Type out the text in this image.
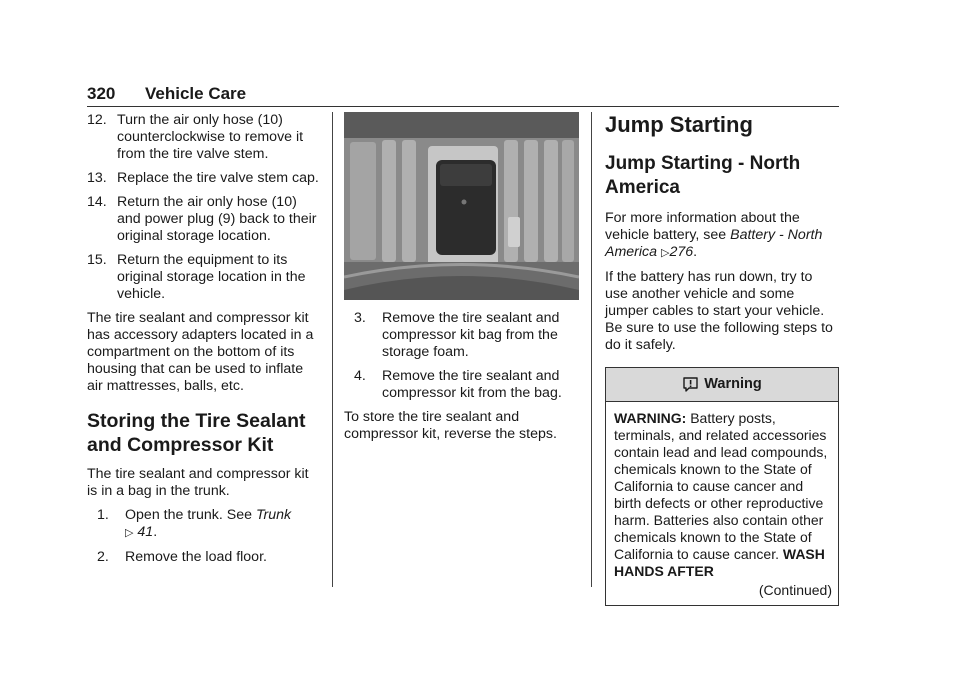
320 Vehicle Care
12. Turn the air only hose (10) counterclockwise to remove it from the tire valve stem.
13. Replace the tire valve stem cap.
14. Return the air only hose (10) and power plug (9) back to their original storage location.
15. Return the equipment to its original storage location in the vehicle.

The tire sealant and compressor kit has accessory adapters located in a compartment on the bottom of its housing that can be used to inflate air mattresses, balls, etc.

Storing the Tire Sealant and Compressor Kit

The tire sealant and compressor kit is in a bag in the trunk.

1. Open the trunk. See Trunk
▷ 41.
2. Remove the load floor.
3. Remove the tire sealant and compressor kit bag from the storage foam.
4. Remove the tire sealant and compressor kit from the bag.

To store the tire sealant and compressor kit, reverse the steps.

Jump Starting
Jump Starting - North America

For more information about the vehicle battery, see Battery - North America ▷276.

If the battery has run down, try to use another vehicle and some jumper cables to start your vehicle. Be sure to use the following steps to do it safely.

Warning
WARNING: Battery posts, terminals, and related accessories contain lead and lead compounds, chemicals known to the State of California to cause cancer and birth defects or other reproductive harm. Batteries also contain other chemicals known to the State of California to cause cancer. WASH HANDS AFTER
(Continued)
